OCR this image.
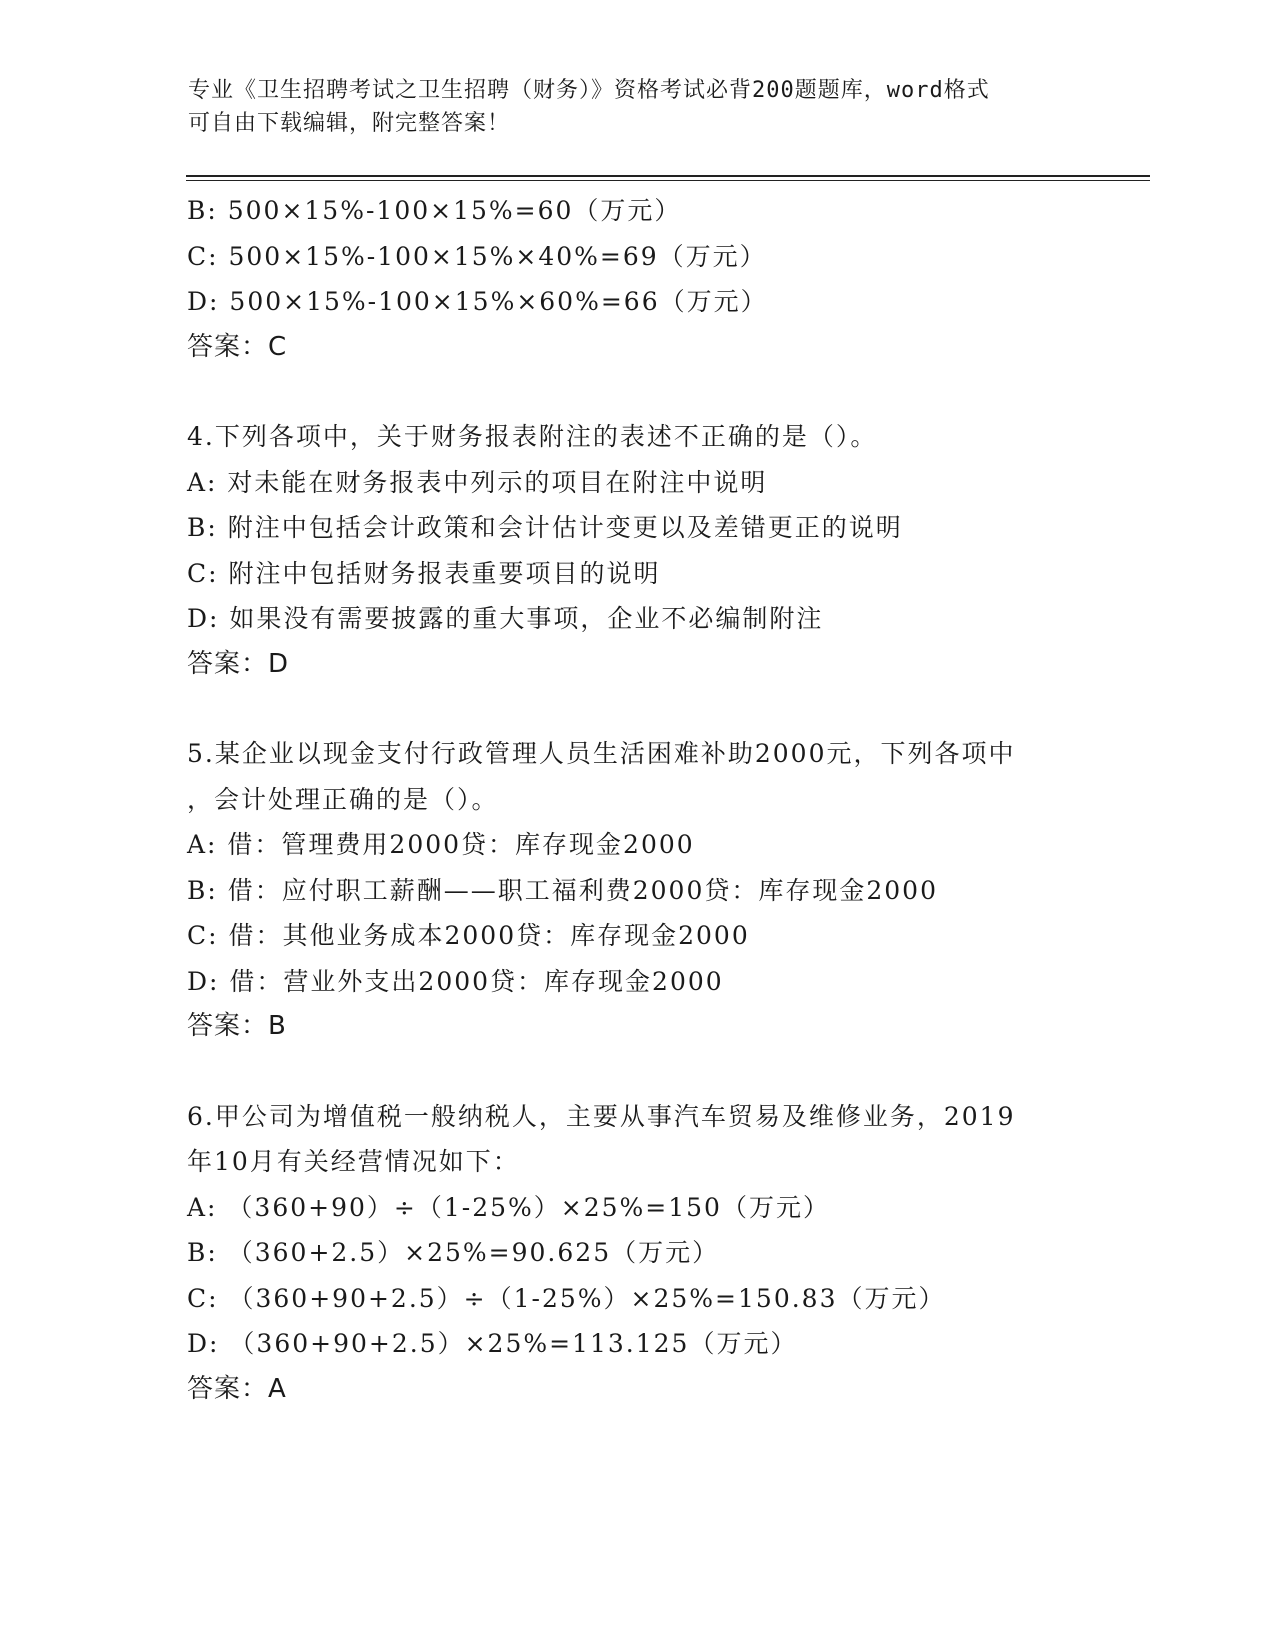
专业《卫生招聘考试之卫生招聘（财务）》资格考试必背200题题库，word格式
可自由下载编辑，附完整答案！
B: 500×15%-100×15%=60（万元）
C: 500×15%-100×15%×40%=69（万元）
D: 500×15%-100×15%×60%=66（万元）
答案：C
4.下列各项中，关于财务报表附注的表述不正确的是（）。
A: 对未能在财务报表中列示的项目在附注中说明
B: 附注中包括会计政策和会计估计变更以及差错更正的说明
C: 附注中包括财务报表重要项目的说明
D: 如果没有需要披露的重大事项，企业不必编制附注
答案：D
5.某企业以现金支付行政管理人员生活困难补助2000元，下列各项中
，会计处理正确的是（）。
A: 借：管理费用2000贷：库存现金2000
B: 借：应付职工薪酬——职工福利费2000贷：库存现金2000
C: 借：其他业务成本2000贷：库存现金2000
D: 借：营业外支出2000贷：库存现金2000
答案：B
6.甲公司为增值税一般纳税人，主要从事汽车贸易及维修业务，2019
年10月有关经营情况如下：
A: （360+90）÷（1-25%）×25%=150（万元）
B: （360+2.5）×25%=90.625（万元）
C: （360+90+2.5）÷（1-25%）×25%=150.83（万元）
D: （360+90+2.5）×25%=113.125（万元）
答案：A
